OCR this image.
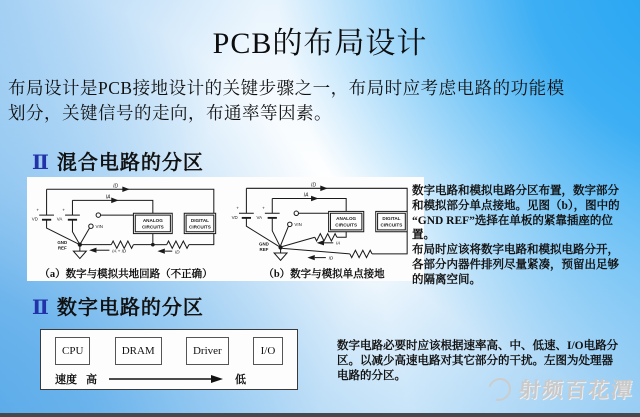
PCB的布局设计
布局设计是PCB接地设计的关键步骤之一，布局时应考虑电路的功能模
划分，关键信号的走向，布通率等因素。
Ⅱ 混合电路的分区
ID
IA
+	+
VD	VA
VIN
GND
REF
ANALOG
CIRCUITS
DIGITAL
CIRCUITS
IA + ID	ID
（a）数字与模拟共地回路（不正确）
ID
IA
+	+
VD	VA
VIN
GND
REF
ANALOG
CIRCUITS
DIGITAL
CIRCUITS
IA
ID
（b）数字与模拟单点接地
数字电路和模拟电路分区布置，数字部分
和模拟部分单点接地。见图（b），图中的
“GND REF”选择在单板的紧靠插座的位置。
布局时应该将数字电路和模拟电路分开，
各部分内器件排列尽量紧凑，预留出足够
的隔离空间。
Ⅱ 数字电路的分区
CPU	DRAM	Driver	I/O
速度 高	低
数字电路必要时应该根据速率高、中、低速、I/O电路分
区。以减少高速电路对其它部分的干扰。左图为处理器
电路的分区。
射频百花潭
